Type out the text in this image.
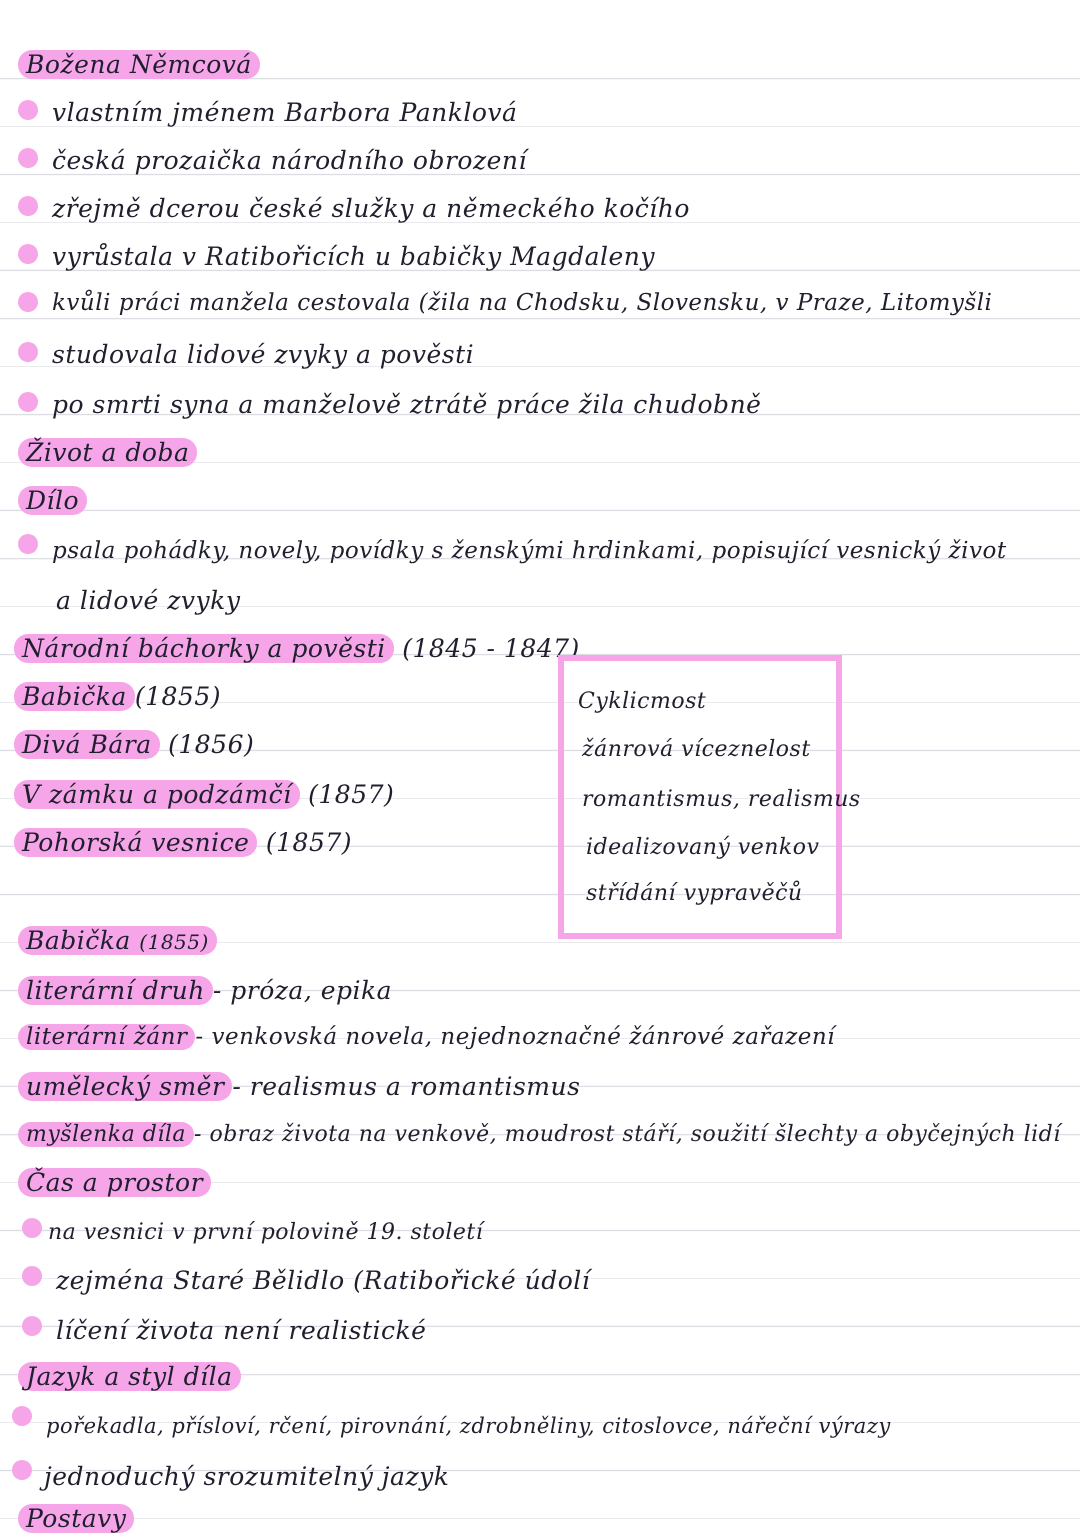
Božena Němcová
vlastním jménem Barbora Panklová
česká prozaička národního obrození
zřejmě dcerou české služky a německého kočího
vyrůstala v Ratibořicích u babičky Magdaleny
kvůli práci manžela cestovala (žila na Chodsku, Slovensku, v Praze, Litomyšli
studovala lidové zvyky a pověsti
po smrti syna a manželově ztrátě práce žila chudobně
Život a doba
Dílo
psala pohádky, novely, povídky s ženskými hrdinkami, popisující vesnický život
a lidové zvyky
Národní báchorky a pověsti (1845 - 1847)
Babička (1855)
Divá Bára (1856)
V zámku a podzámčí (1857)
Pohorská vesnice (1857)
Cyklicmost
žánrová víceznelost
romantismus, realismus
idealizovaný venkov
střídání vypravěčů
Babička (1855)
literární druh - próza, epika
literární žánr - venkovská novela, nejednoznačné žánrové zařazení
umělecký směr - realismus a romantismus
myšlenka díla - obraz života na venkově, moudrost stáří, soužití šlechty a obyčejných lidí
Čas a prostor
na vesnici v první polovině 19. století
zejména Staré Bělidlo (Ratibořické údolí
líčení života není realistické
Jazyk a styl díla
pořekadla, přísloví, rčení, pirovnání, zdrobněliny, citoslovce, nářeční výrazy
jednoduchý srozumitelný jazyk
Postavy
